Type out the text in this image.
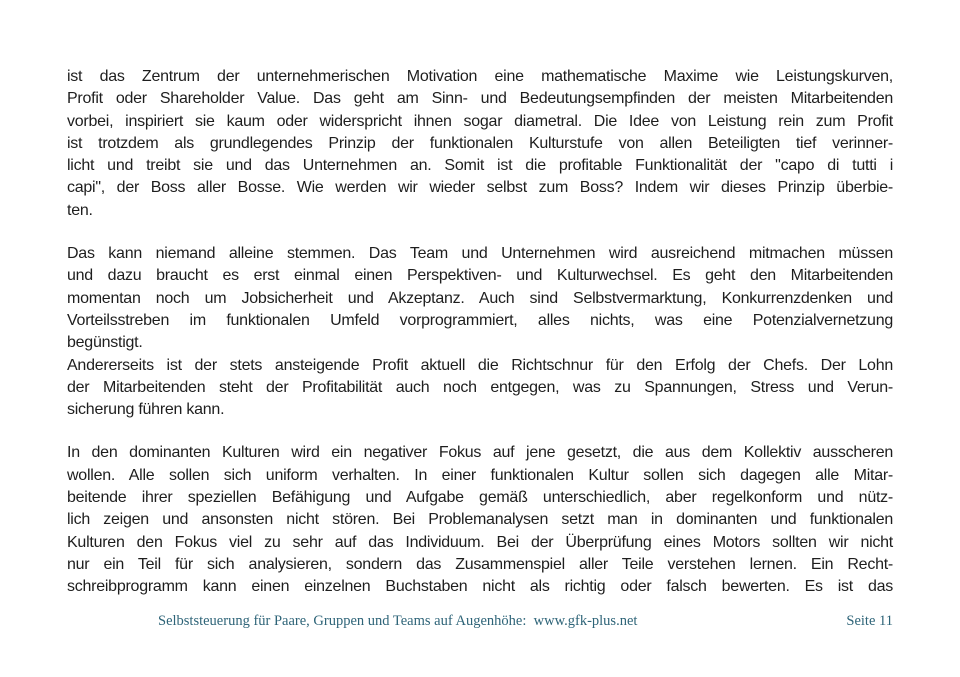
ist das Zentrum der unternehmerischen Motivation eine mathematische Maxime wie Leistungskurven,
Profit oder Shareholder Value. Das geht am Sinn- und Bedeutungsempfinden der meisten Mitarbeitenden
vorbei, inspiriert sie kaum oder widerspricht ihnen sogar diametral. Die Idee von Leistung rein zum Profit
ist trotzdem als grundlegendes Prinzip der funktionalen Kulturstufe von allen Beteiligten tief verinner-
licht und treibt sie und das Unternehmen an. Somit ist die profitable Funktionalität der "capo di tutti i
capi", der Boss aller Bosse. Wie werden wir wieder selbst zum Boss? Indem wir dieses Prinzip überbie-
ten.
Das kann niemand alleine stemmen. Das Team und Unternehmen wird ausreichend mitmachen müssen
und dazu braucht es erst einmal einen Perspektiven- und Kulturwechsel. Es geht den Mitarbeitenden
momentan noch um Jobsicherheit und Akzeptanz. Auch sind Selbstvermarktung, Konkurrenzdenken und
Vorteilsstreben im funktionalen Umfeld vorprogrammiert, alles nichts, was eine Potenzialvernetzung
begünstigt.
Andererseits ist der stets ansteigende Profit aktuell die Richtschnur für den Erfolg der Chefs. Der Lohn
der Mitarbeitenden steht der Profitabilität auch noch entgegen, was zu Spannungen, Stress und Verun-
sicherung führen kann.
In den dominanten Kulturen wird ein negativer Fokus auf jene gesetzt, die aus dem Kollektiv ausscheren
wollen. Alle sollen sich uniform verhalten. In einer funktionalen Kultur sollen sich dagegen alle Mitar-
beitende ihrer speziellen Befähigung und Aufgabe gemäß unterschiedlich, aber regelkonform und nütz-
lich zeigen und ansonsten nicht stören. Bei Problemanalysen setzt man in dominanten und funktionalen
Kulturen den Fokus viel zu sehr auf das Individuum. Bei der Überprüfung eines Motors sollten wir nicht
nur ein Teil für sich analysieren, sondern das Zusammenspiel aller Teile verstehen lernen. Ein Recht-
schreibprogramm kann einen einzelnen Buchstaben nicht als richtig oder falsch bewerten. Es ist das
Selbststeuerung für Paare, Gruppen und Teams auf Augenhöhe:  www.gfk-plus.net	Seite 11
